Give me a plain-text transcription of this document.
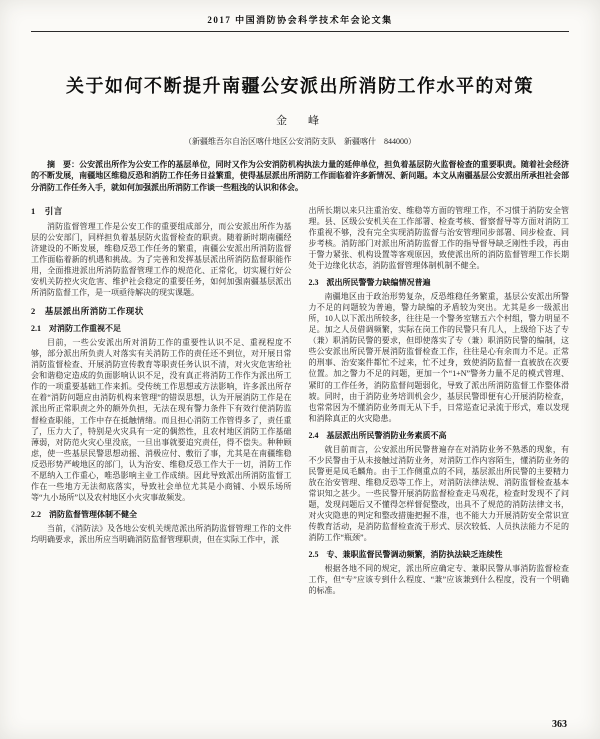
2017 中国消防协会科学技术年会论文集
关于如何不断提升南疆公安派出所消防工作水平的对策
金　峰
（新疆维吾尔自治区喀什地区公安消防支队　新疆喀什　844000）

摘　要：公安派出所作为公安工作的基层单位，同时又作为公安消防机构执法力量的延伸单位，担负着基层防火监督检查的重要职责。随着社会经济的不断发展，南疆地区维稳反恐和消防工作任务日益繁重，使得基层派出所消防工作面临着许多新情况、新问题。本文从南疆基层公安派出所承担社会部分消防工作任务入手，就如何加强派出所消防工作谈一些粗浅的认识和体会。

1　引言

消防监督管理工作是公安工作的重要组成部分，而公安派出所作为基层的公安部门，同样担负着基层防火监督检查的职责。随着新时期南疆经济建设的不断发展，维稳反恐工作任务的繁重，南疆公安派出所消防监督工作面临着新的机遇和挑战。为了完善和发挥基层派出所消防监督职能作用，全面推进派出所消防监督管理工作的规范化、正常化，切实履行好公安机关防控火灾危害、维护社会稳定的重要任务，如何加强南疆基层派出所消防监督工作，是一项亟待解决的现实课题。

2　基层派出所消防工作现状
2.1　对消防工作重视不足

目前，一些公安派出所对消防工作的重要性认识不足、重视程度不够，部分派出所负责人对落实有关消防工作的责任还不到位，对开展日常消防监督检查、开展消防宣传教育等职责任务认识不清，对火灾危害给社会和谐稳定造成的负面影响认识不足，没有真正将消防工作作为派出所工作的一项重要基础工作来抓。受传统工作思想或方法影响，许多派出所存在着“消防问题应由消防机构来管理”的错误思想，认为开展消防工作是在派出所正常职责之外的额外负担，无法在现有警力条件下有效行使消防监督检查职能，工作中存在抵触情绪。而且担心消防工作管得多了，责任重了，压力大了，特别是火灾具有一定的偶然性，且农村地区消防工作基础薄弱，对防范火灾心里没底，一旦出事就要追究责任，得不偿失。种种顾虑，使一些基层民警思想动摇、消极应付、敷衍了事，尤其是在南疆维稳反恐形势严峻地区的部门，认为治安、维稳反恐工作大于一切，消防工作不愿纳入工作重心，唯恐影响主业工作成绩。因此导致派出所消防监督工作在一些地方无法彻底落实，导致社会单位尤其是小商铺、小娱乐场所等“九小场所”以及农村地区小火灾事故频发。

2.2　消防监督管理体制不健全

当前，《消防法》及各地公安机关规范派出所消防监督管理工作的文件均明确要求，派出所应当明确消防监督管理职责，但在实际工作中，派

出所长期以来只注重治安、维稳等方面的管理工作，不习惯于消防安全管理。县、区级公安机关在工作部署、检查考核、督察督导等方面对消防工作重视不够，没有完全实现消防监督与治安管理同步部署、同步检查、同步考核。消防部门对派出所消防监督工作的指导督导缺乏刚性手段，再由于警力紧张、机构设置等客观原因，致使派出所的消防监督管理工作长期处于边缘化状态，消防监督管理体制机制不健全。

2.3　派出所民警警力缺编情况普遍

南疆地区由于政治形势复杂，反恐维稳任务繁重，基层公安派出所警力不足的问题较为普遍，警力缺编的矛盾较为突出。尤其是乡一级派出所，10人以下派出所较多，往往是一个警务室辖五六个村组，警力明显不足。加之人员借调频繁，实际在岗工作的民警只有几人，上级给下达了专（兼）职消防民警的要求，但即使落实了专（兼）职消防民警的编制，这些公安派出所民警开展消防监督检查工作，往往是心有余而力不足。正常的刑事、治安案件都忙不过来，忙不过身，致使消防监督一直被放在次要位置。加之警力不足的问题，更加一个“1+N”警务力量不足的模式管理、紧盯的工作任务，消防监督问题弱化，导致了派出所消防监督工作整体滑坡。同时，由于消防业务培训机会少，基层民警即便有心开展消防检查，也常常因为不懂消防业务而无从下手，日常巡查记录流于形式，难以发现和消除真正的火灾隐患。

2.4　基层派出所民警消防业务素质不高

就目前而言，公安派出所民警普遍存在对消防业务不熟悉的现象，有不少民警由于从未接触过消防业务，对消防工作内容陌生，懂消防业务的民警更是凤毛麟角。由于工作侧重点的不同，基层派出所民警的主要精力放在治安管理、维稳反恐等工作上，对消防法律法规、消防监督检查基本常识知之甚少。一些民警开展消防监督检查走马观花，检查时发现不了问题，发现问题后又不懂得怎样督促整改，出具不了规范的消防法律文书，对火灾隐患的判定和整改措施把握不准，也不能大力开展消防安全常识宣传教育活动，是消防监督检查流于形式、层次较低、人员执法能力不足的消防工作“瓶颈”。

2.5　专、兼职监督民警调动频繁，消防执法缺乏连续性

根据各地不同的规定，派出所应确定专、兼职民警从事消防监督检查工作，但“专”应该专到什么程度、“兼”应该兼到什么程度，没有一个明确的标准。

363
